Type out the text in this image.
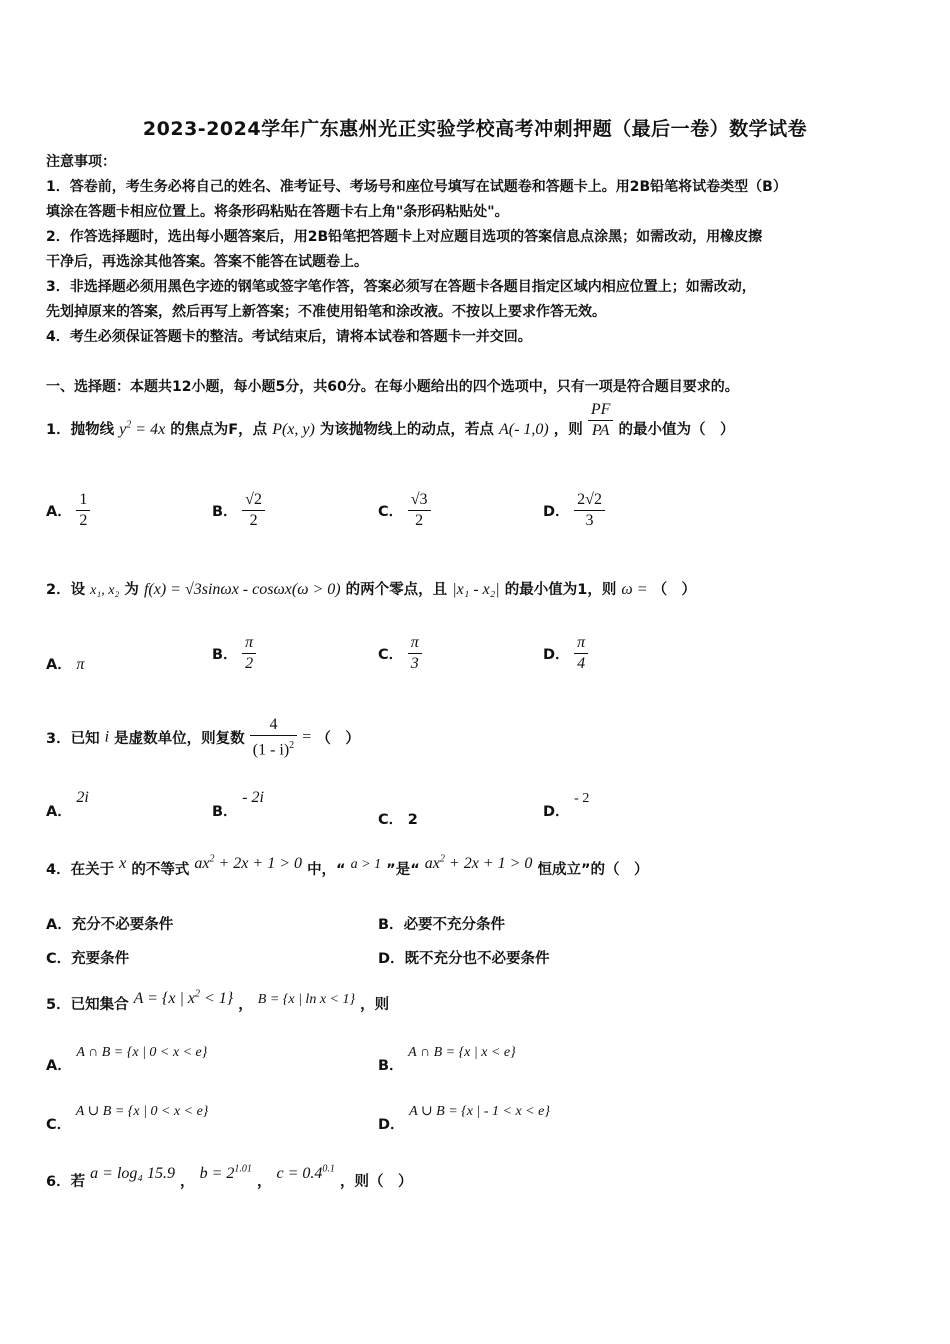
2023-2024学年广东惠州光正实验学校高考冲刺押题（最后一卷）数学试卷
注意事项：
1．答卷前，考生务必将自己的姓名、准考证号、考场号和座位号填写在试题卷和答题卡上。用2B铅笔将试卷类型（B）
填涂在答题卡相应位置上。将条形码粘贴在答题卡右上角"条形码粘贴处"。
2．作答选择题时，选出每小题答案后，用2B铅笔把答题卡上对应题目选项的答案信息点涂黑；如需改动，用橡皮擦
干净后，再选涂其他答案。答案不能答在试题卷上。
3．非选择题必须用黑色字迹的钢笔或签字笔作答，答案必须写在答题卡各题目指定区域内相应位置上；如需改动，
先划掉原来的答案，然后再写上新答案；不准使用铅笔和涂改液。不按以上要求作答无效。
4．考生必须保证答题卡的整洁。考试结束后，请将本试卷和答题卡一并交回。
一、选择题：本题共12小题，每小题5分，共60分。在每小题给出的四个选项中，只有一项是符合题目要求的。
1．抛物线 $y^2 = 4x$ 的焦点为F，点 P(x, y) 为该抛物线上的动点，若点 A(- 1,0) ，则 $\frac{PF}{PA}$ 的最小值为（　）
A． $\frac{1}{2}$	B． $\frac{√2}{2}$	C． $\frac{√3}{2}$	D． $\frac{2√2}{3}$
2．设 x₁, x₂ 为 f(x) = √3sinωx - cosωx(ω > 0) 的两个零点，且 |x₁ - x₂| 的最小值为1，则 ω = （　）
A． π
B． $\frac{\pi}{2}$	C． $\frac{\pi}{3}$	D． $\frac{\pi}{4}$
3．已知 i 是虚数单位，则复数 $\frac{4}{(1 - i)^2}$ = （　）
A． 2i
B． - 2i
C． 2	D． - 2
4．在关于 x 的不等式 $ax^2 + 2x + 1 > 0$ 中，“ a > 1 ”是“ $ax^2 + 2x + 1 > 0$ 恒成立”的（　）
A．充分不必要条件	B．必要不充分条件
C．充要条件	D．既不充分也不必要条件
5．已知集合 A = {x | $x^2 < 1$} ， B = {x | ln x < 1} ，则
A． A ∩ B = {x | 0 < x < e}
B． A ∩ B = {x | x < e}
C． A ∪ B = {x | 0 < x < e}
D． A ∪ B = {x | - 1 < x < e}
6．若 a = log₄ 15.9 ， $b = 2^{1.01}$ ， $c = 0.4^{0.1}$ ，则（　）
